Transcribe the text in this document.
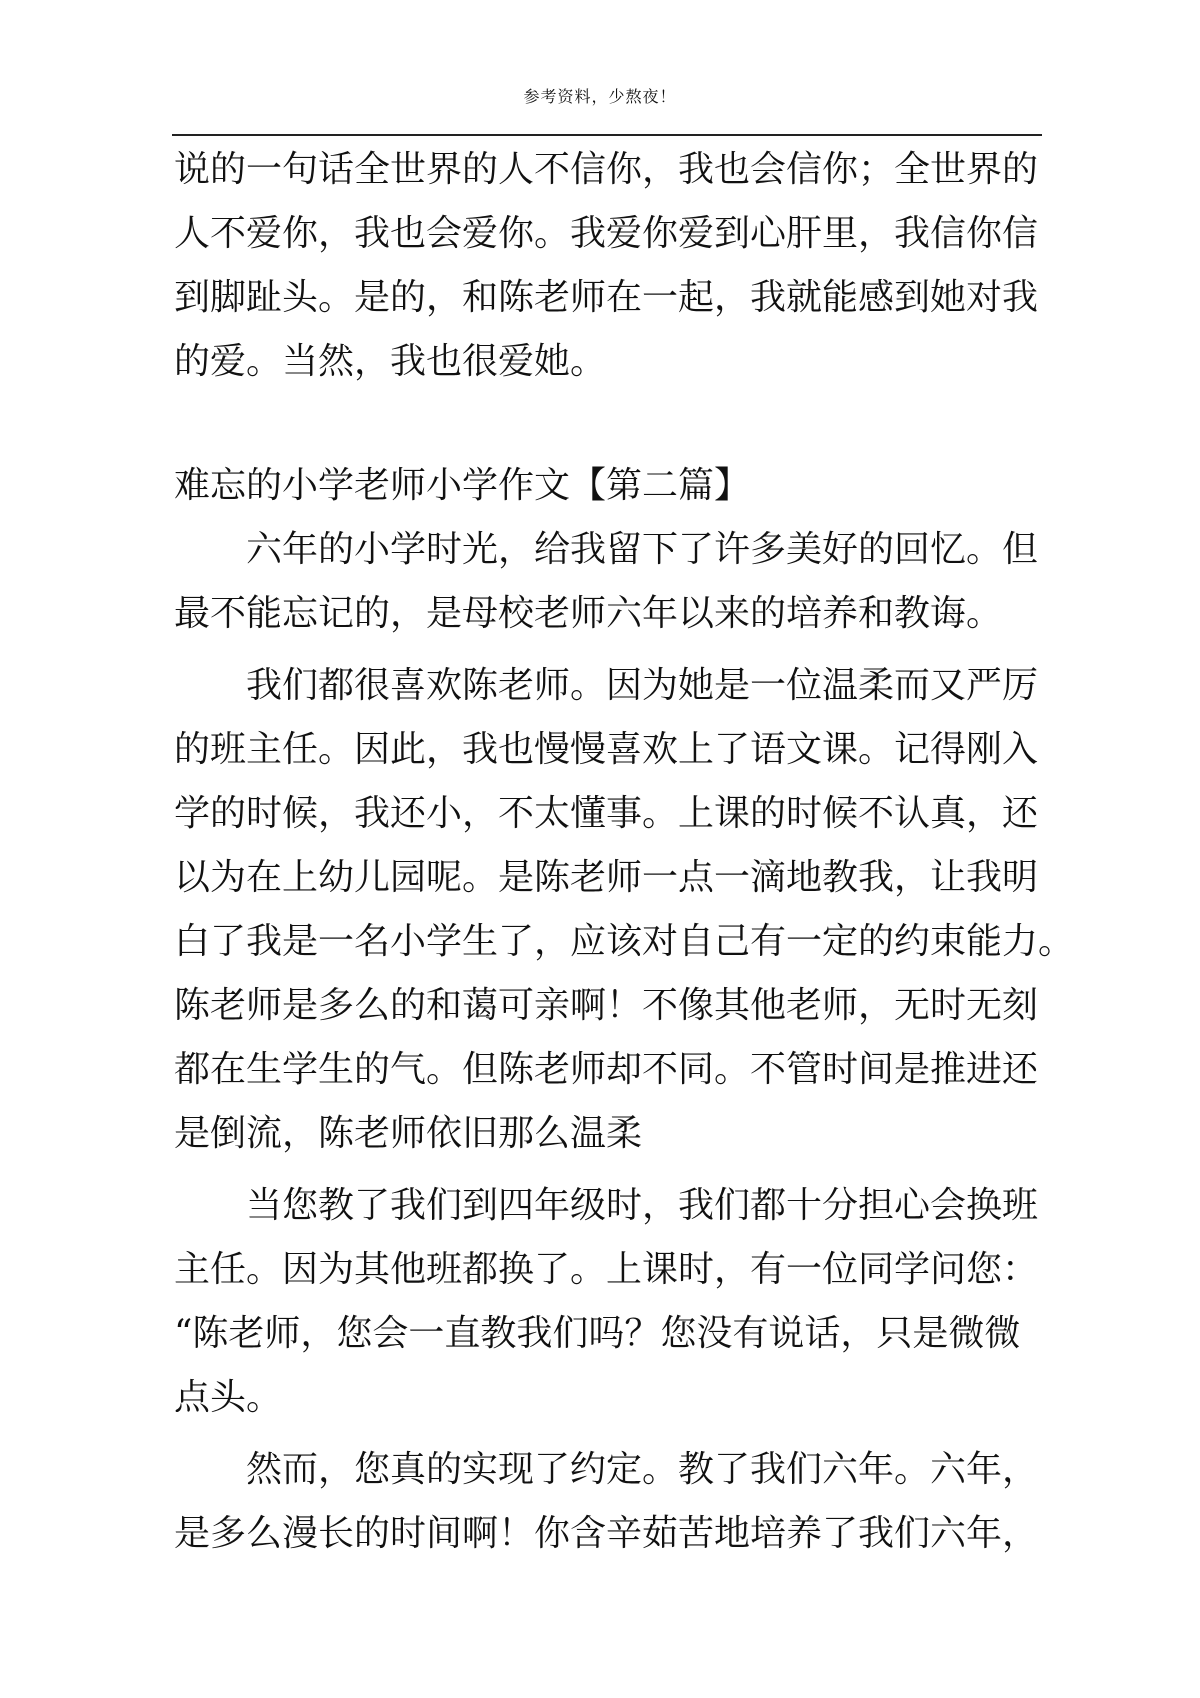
参考资料，少熬夜！
说的一句话全世界的人不信你，我也会信你；全世界的
人不爱你，我也会爱你。我爱你爱到心肝里，我信你信
到脚趾头。是的，和陈老师在一起，我就能感到她对我
的爱。当然，我也很爱她。
难忘的小学老师小学作文【第二篇】
　　六年的小学时光，给我留下了许多美好的回忆。但
最不能忘记的，是母校老师六年以来的培养和教诲。
　　我们都很喜欢陈老师。因为她是一位温柔而又严厉
的班主任。因此，我也慢慢喜欢上了语文课。记得刚入
学的时候，我还小，不太懂事。上课的时候不认真，还
以为在上幼儿园呢。是陈老师一点一滴地教我，让我明
白了我是一名小学生了，应该对自己有一定的约束能力。
陈老师是多么的和蔼可亲啊！不像其他老师，无时无刻
都在生学生的气。但陈老师却不同。不管时间是推进还
是倒流，陈老师依旧那么温柔
　　当您教了我们到四年级时，我们都十分担心会换班
主任。因为其他班都换了。上课时，有一位同学问您：
“陈老师，您会一直教我们吗？您没有说话，只是微微
点头。
　　然而，您真的实现了约定。教了我们六年。六年，
是多么漫长的时间啊！你含辛茹苦地培养了我们六年，
